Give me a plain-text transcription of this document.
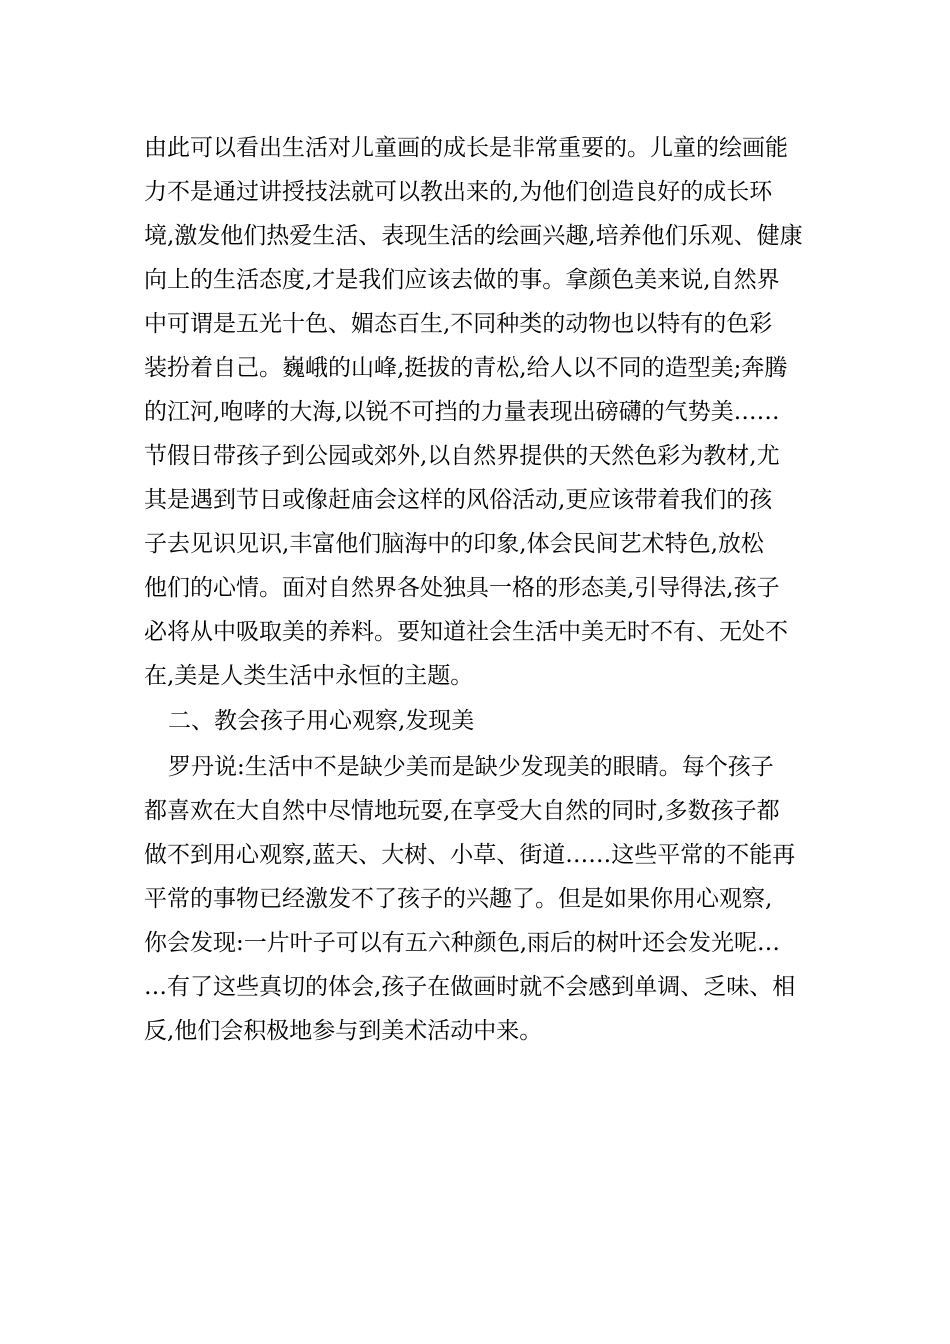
由此可以看出生活对儿童画的成长是非常重要的。儿童的绘画能
力不是通过讲授技法就可以教出来的,为他们创造良好的成长环
境,激发他们热爱生活、表现生活的绘画兴趣,培养他们乐观、健康
向上的生活态度,才是我们应该去做的事。拿颜色美来说,自然界
中可谓是五光十色、媚态百生,不同种类的动物也以特有的色彩
装扮着自己。巍峨的山峰,挺拔的青松,给人以不同的造型美;奔腾
的江河,咆哮的大海,以锐不可挡的力量表现出磅礴的气势美……
节假日带孩子到公园或郊外,以自然界提供的天然色彩为教材,尤
其是遇到节日或像赶庙会这样的风俗活动,更应该带着我们的孩
子去见识见识,丰富他们脑海中的印象,体会民间艺术特色,放松
他们的心情。面对自然界各处独具一格的形态美,引导得法,孩子
必将从中吸取美的养料。要知道社会生活中美无时不有、无处不
在,美是人类生活中永恒的主题。
二、教会孩子用心观察,发现美
罗丹说:生活中不是缺少美而是缺少发现美的眼睛。每个孩子
都喜欢在大自然中尽情地玩耍,在享受大自然的同时,多数孩子都
做不到用心观察,蓝天、大树、小草、街道……这些平常的不能再
平常的事物已经激发不了孩子的兴趣了。但是如果你用心观察,
你会发现:一片叶子可以有五六种颜色,雨后的树叶还会发光呢…
…有了这些真切的体会,孩子在做画时就不会感到单调、乏味、相
反,他们会积极地参与到美术活动中来。
